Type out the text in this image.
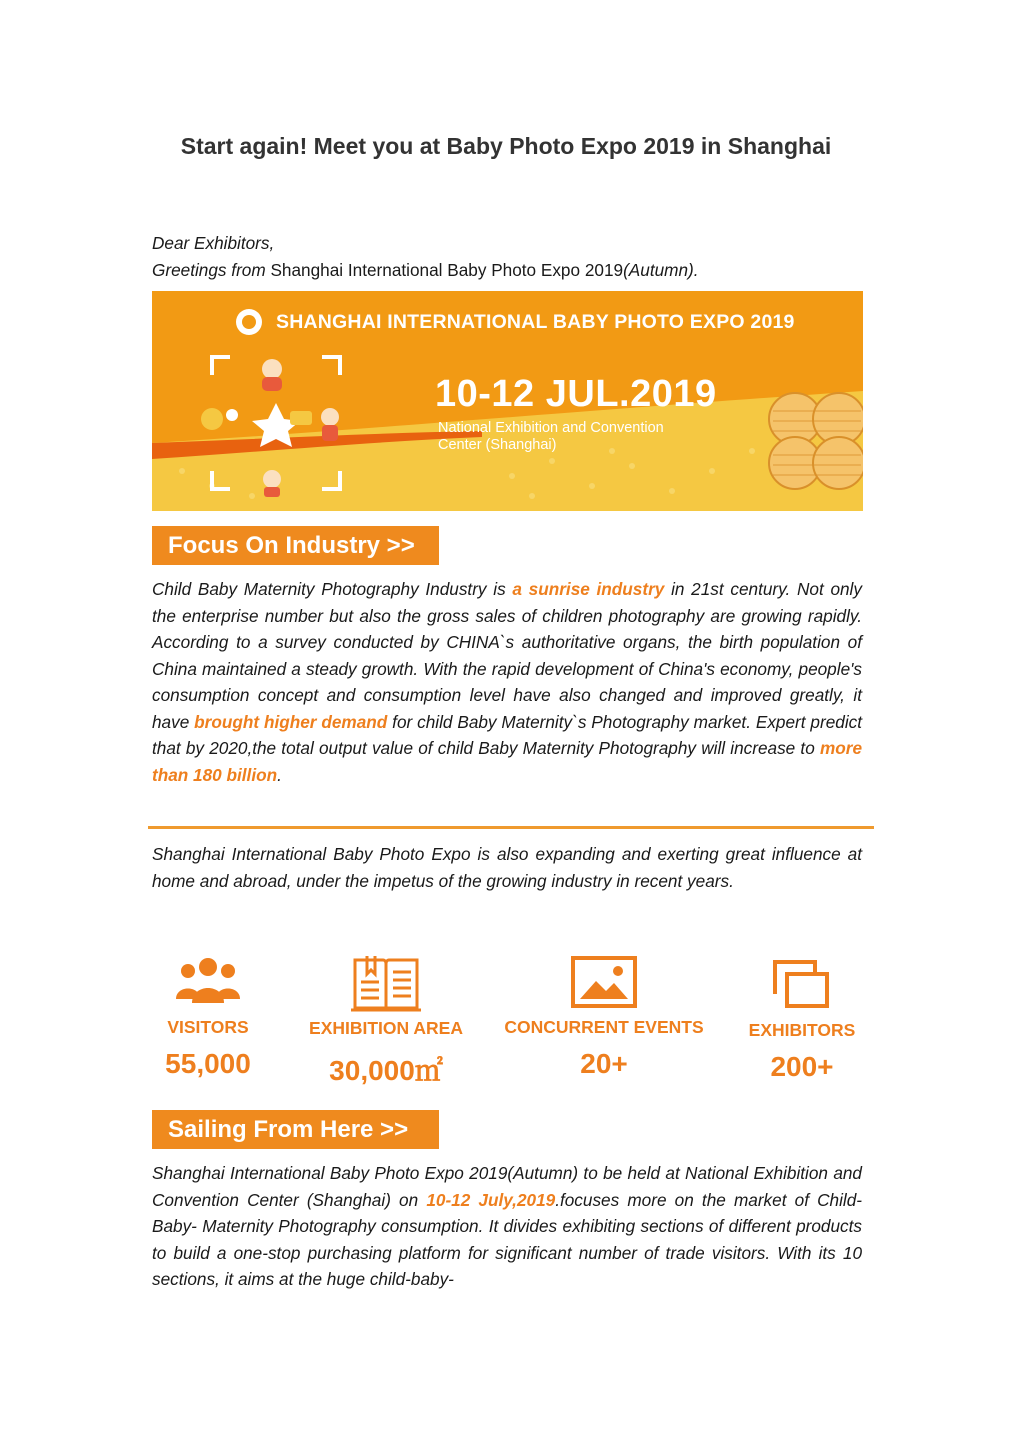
Start again! Meet you at Baby Photo Expo 2019 in Shanghai
Dear Exhibitors,
Greetings from Shanghai International Baby Photo Expo 2019(Autumn).
SHANGHAI INTERNATIONAL BABY PHOTO EXPO 2019
10-12 JUL.2019
National Exhibition and Convention
Center (Shanghai)
Focus On Industry >>
Child Baby Maternity Photography Industry is a sunrise industry in 21st century. Not only the enterprise number but also the gross sales of children photography are growing rapidly. According to a survey conducted by CHINA`s authoritative organs, the birth population of China maintained a steady growth. With the rapid development of China's economy, people's consumption concept and consumption level have also changed and improved greatly, it have brought higher demand for child Baby Maternity`s Photography market. Expert predict that by 2020,the total output value of child Baby Maternity Photography will increase to more than 180 billion.
Shanghai International Baby Photo Expo is also expanding and exerting great influence at home and abroad, under the impetus of the growing industry in recent years.
VISITORS
55,000
EXHIBITION AREA
30,000㎡
CONCURRENT EVENTS
20+
EXHIBITORS
200+
Sailing From Here >>
Shanghai International Baby Photo Expo 2019(Autumn) to be held at National Exhibition and Convention Center (Shanghai) on 10-12 July,2019.focuses more on the market of Child- Baby- Maternity Photography consumption. It divides exhibiting sections of different products to build a one-stop purchasing platform for significant number of trade visitors. With its 10 sections, it aims at the huge child-baby-
